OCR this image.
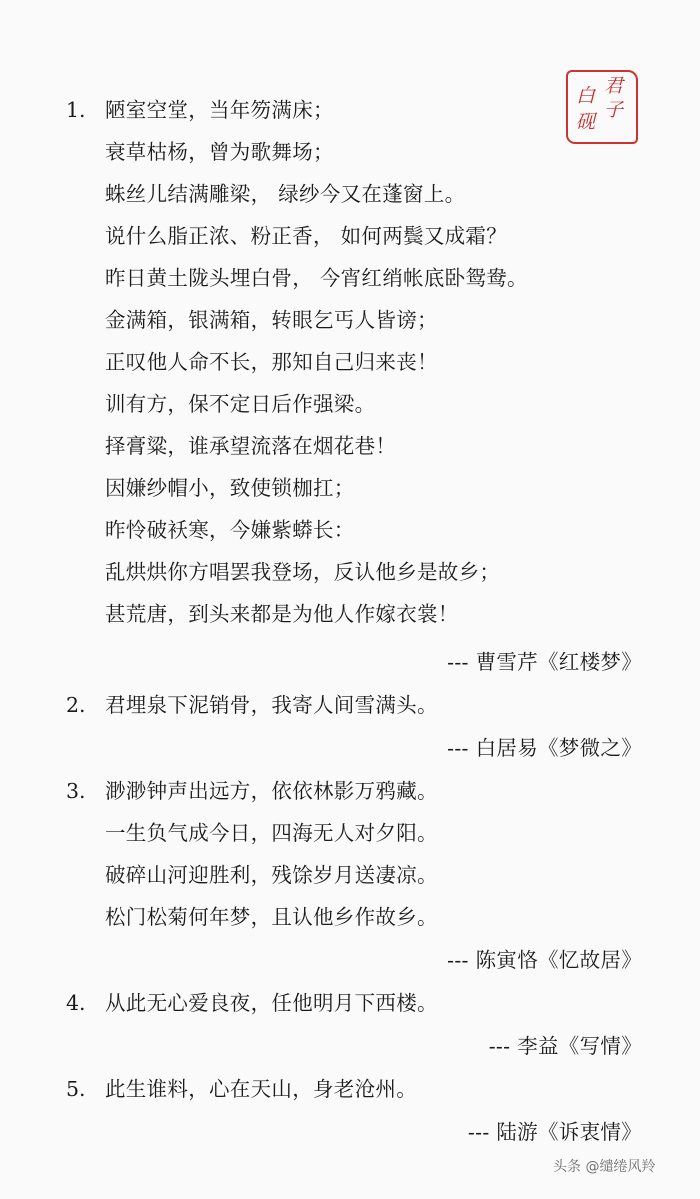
君
子
白
砚
1. 陋室空堂，当年笏满床；
衰草枯杨，曾为歌舞场；
蛛丝儿结满雕梁， 绿纱今又在蓬窗上。
说什么脂正浓、粉正香， 如何两鬓又成霜？
昨日黄土陇头埋白骨， 今宵红绡帐底卧鸳鸯。
金满箱，银满箱，转眼乞丐人皆谤；
正叹他人命不长，那知自己归来丧！
训有方，保不定日后作强梁。
择膏粱，谁承望流落在烟花巷！
因嫌纱帽小，致使锁枷扛；
昨怜破袄寒，今嫌紫蟒长：
乱烘烘你方唱罢我登场，反认他乡是故乡；
甚荒唐，到头来都是为他人作嫁衣裳！
--- 曹雪芹《红楼梦》
2. 君埋泉下泥销骨，我寄人间雪满头。
--- 白居易《梦微之》
3. 渺渺钟声出远方，依依林影万鸦藏。
一生负气成今日，四海无人对夕阳。
破碎山河迎胜利，残馀岁月送凄凉。
松门松菊何年梦，且认他乡作故乡。
--- 陈寅恪《忆故居》
4. 从此无心爱良夜，任他明月下西楼。
--- 李益《写情》
5. 此生谁料，心在天山，身老沧州。
--- 陆游《诉衷情》
头条 @缱绻风羚
